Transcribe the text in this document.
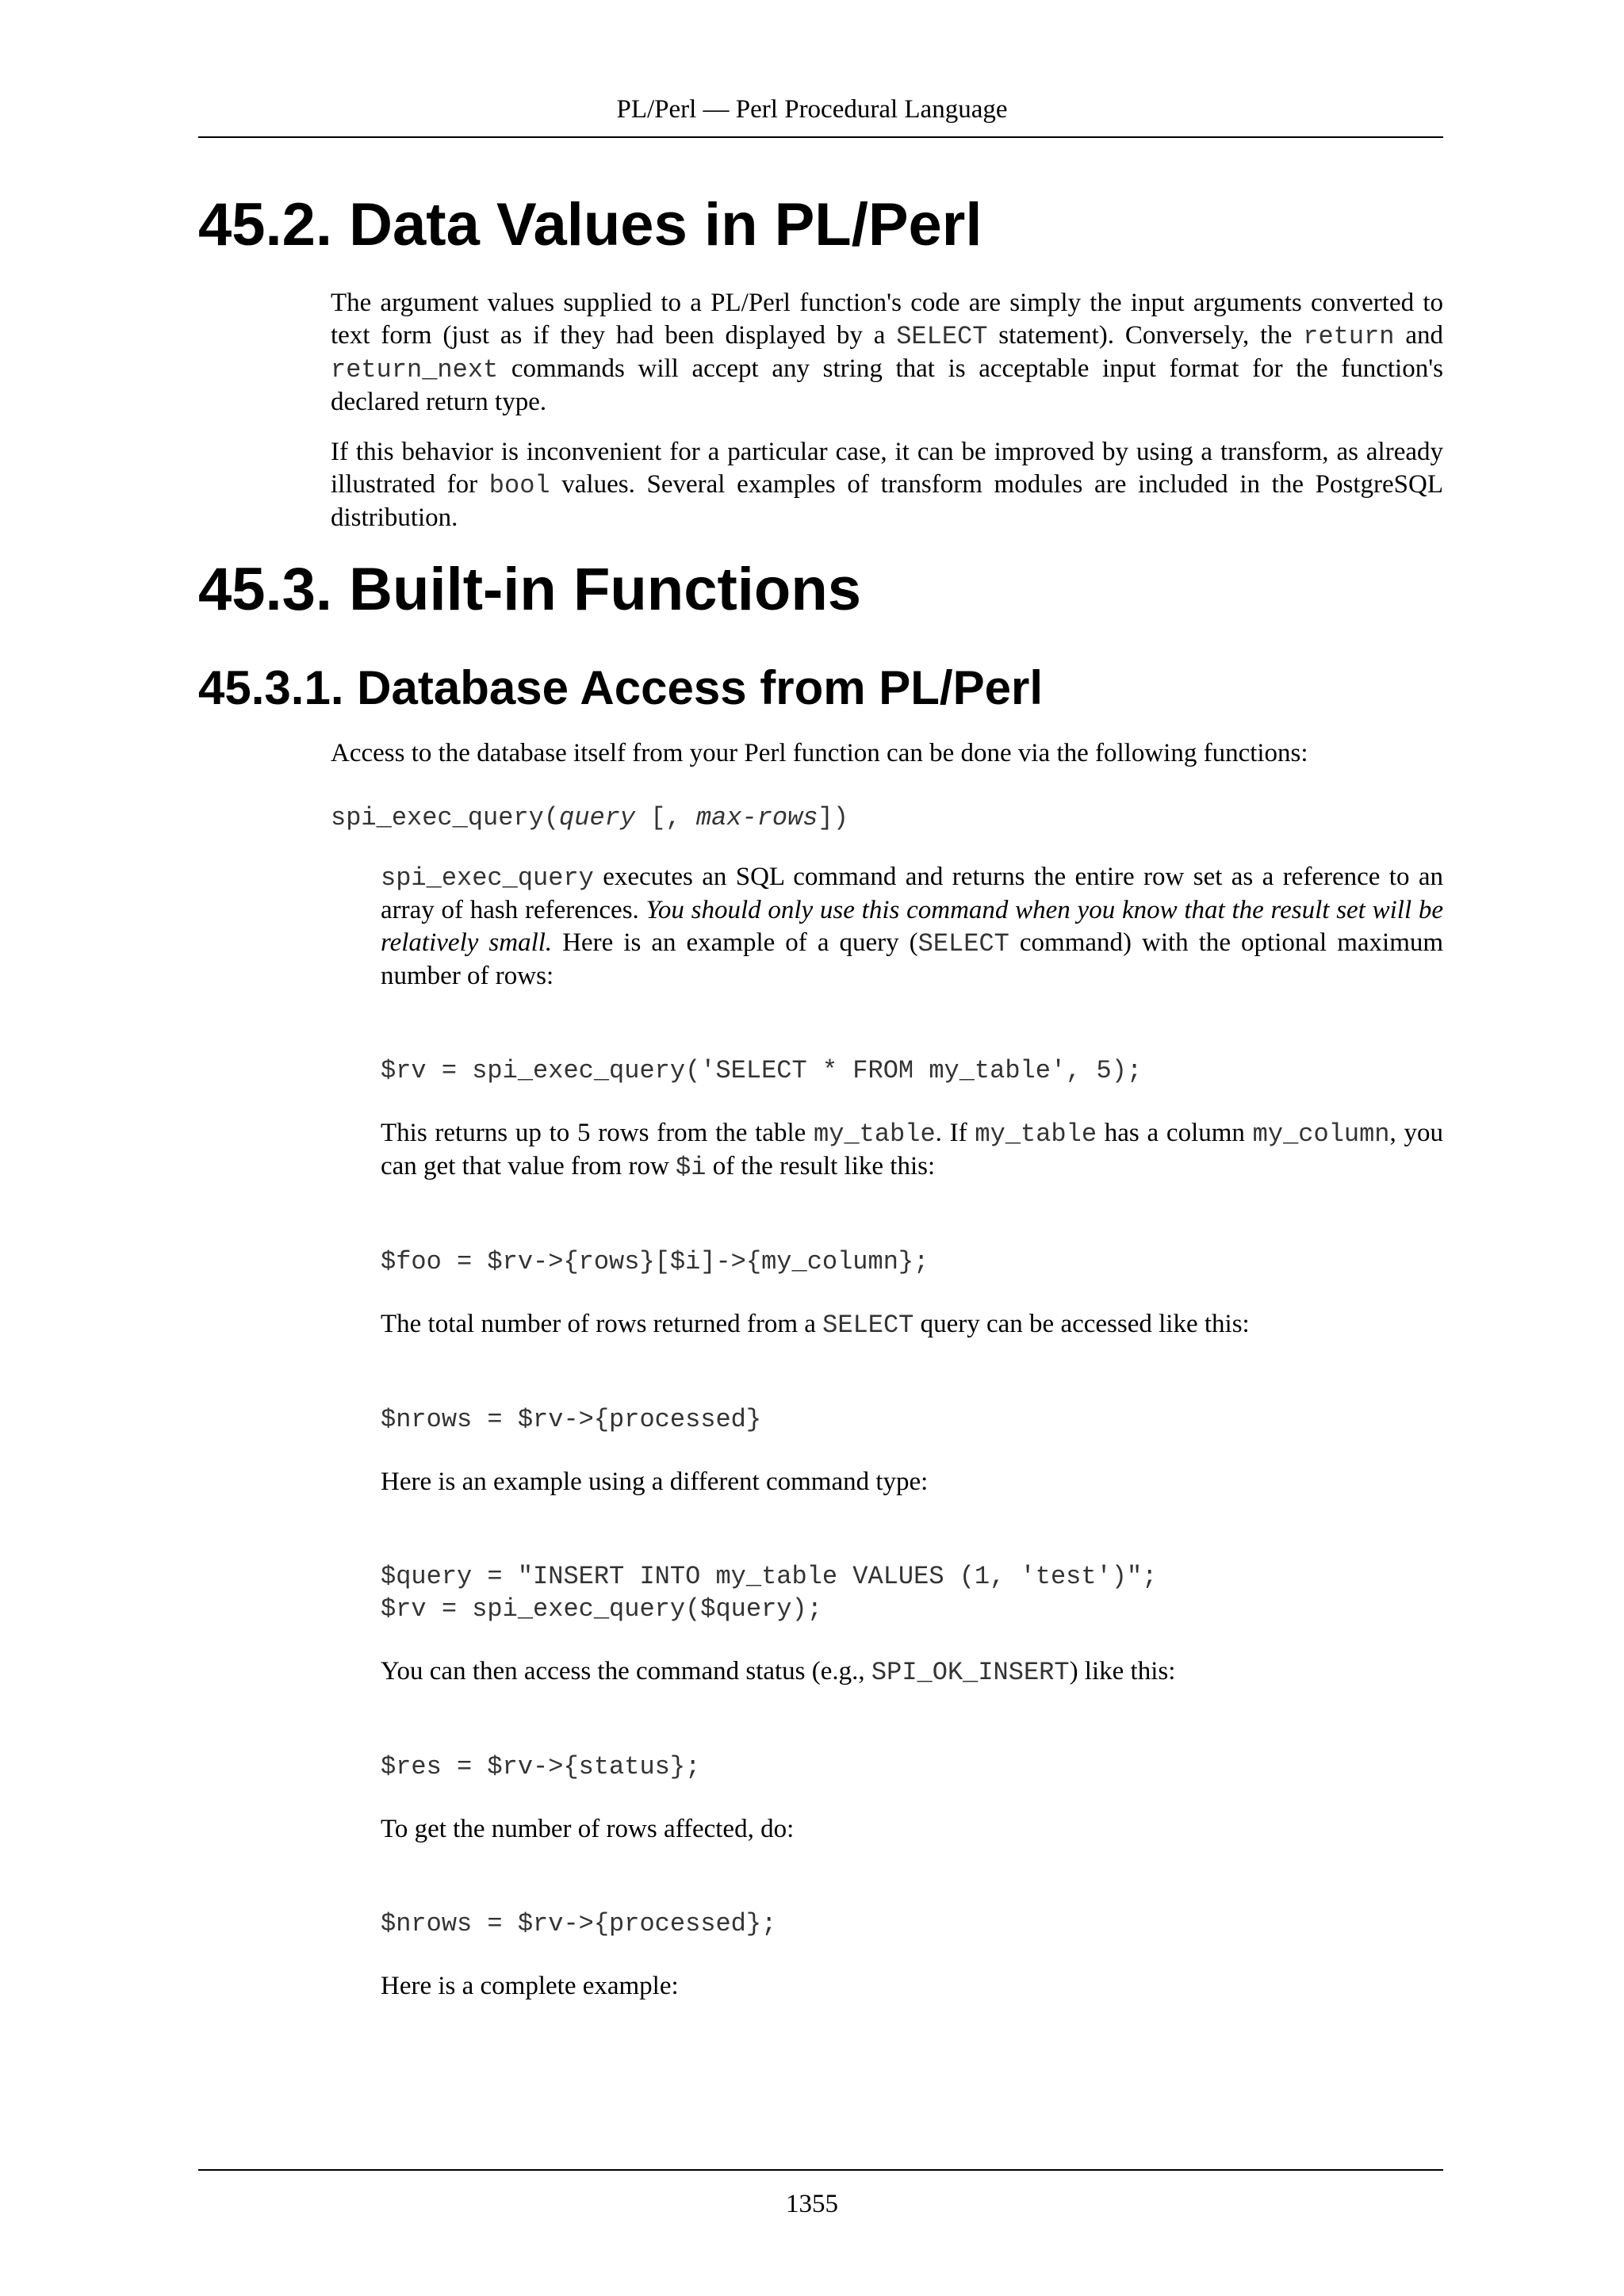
PL/Perl — Perl Procedural Language
45.2. Data Values in PL/Perl

The argument values supplied to a PL/Perl function's code are simply the input arguments converted to text form (just as if they had been displayed by a SELECT statement). Conversely, the return and return_next commands will accept any string that is acceptable input format for the function's declared return type.

If this behavior is inconvenient for a particular case, it can be improved by using a transform, as already illustrated for bool values. Several examples of transform modules are included in the PostgreSQL distribution.

45.3. Built-in Functions
45.3.1. Database Access from PL/Perl

Access to the database itself from your Perl function can be done via the following functions:

spi_exec_query(query [, max-rows])

spi_exec_query executes an SQL command and returns the entire row set as a reference to an array of hash references. You should only use this command when you know that the result set will be relatively small. Here is an example of a query (SELECT command) with the optional maximum number of rows:

$rv = spi_exec_query('SELECT * FROM my_table', 5);

This returns up to 5 rows from the table my_table. If my_table has a column my_column, you can get that value from row $i of the result like this:

$foo = $rv->{rows}[$i]->{my_column};

The total number of rows returned from a SELECT query can be accessed like this:

$nrows = $rv->{processed}

Here is an example using a different command type:

$query = "INSERT INTO my_table VALUES (1, 'test')";
$rv = spi_exec_query($query);

You can then access the command status (e.g., SPI_OK_INSERT) like this:

$res = $rv->{status};

To get the number of rows affected, do:

$nrows = $rv->{processed};

Here is a complete example:

1355
